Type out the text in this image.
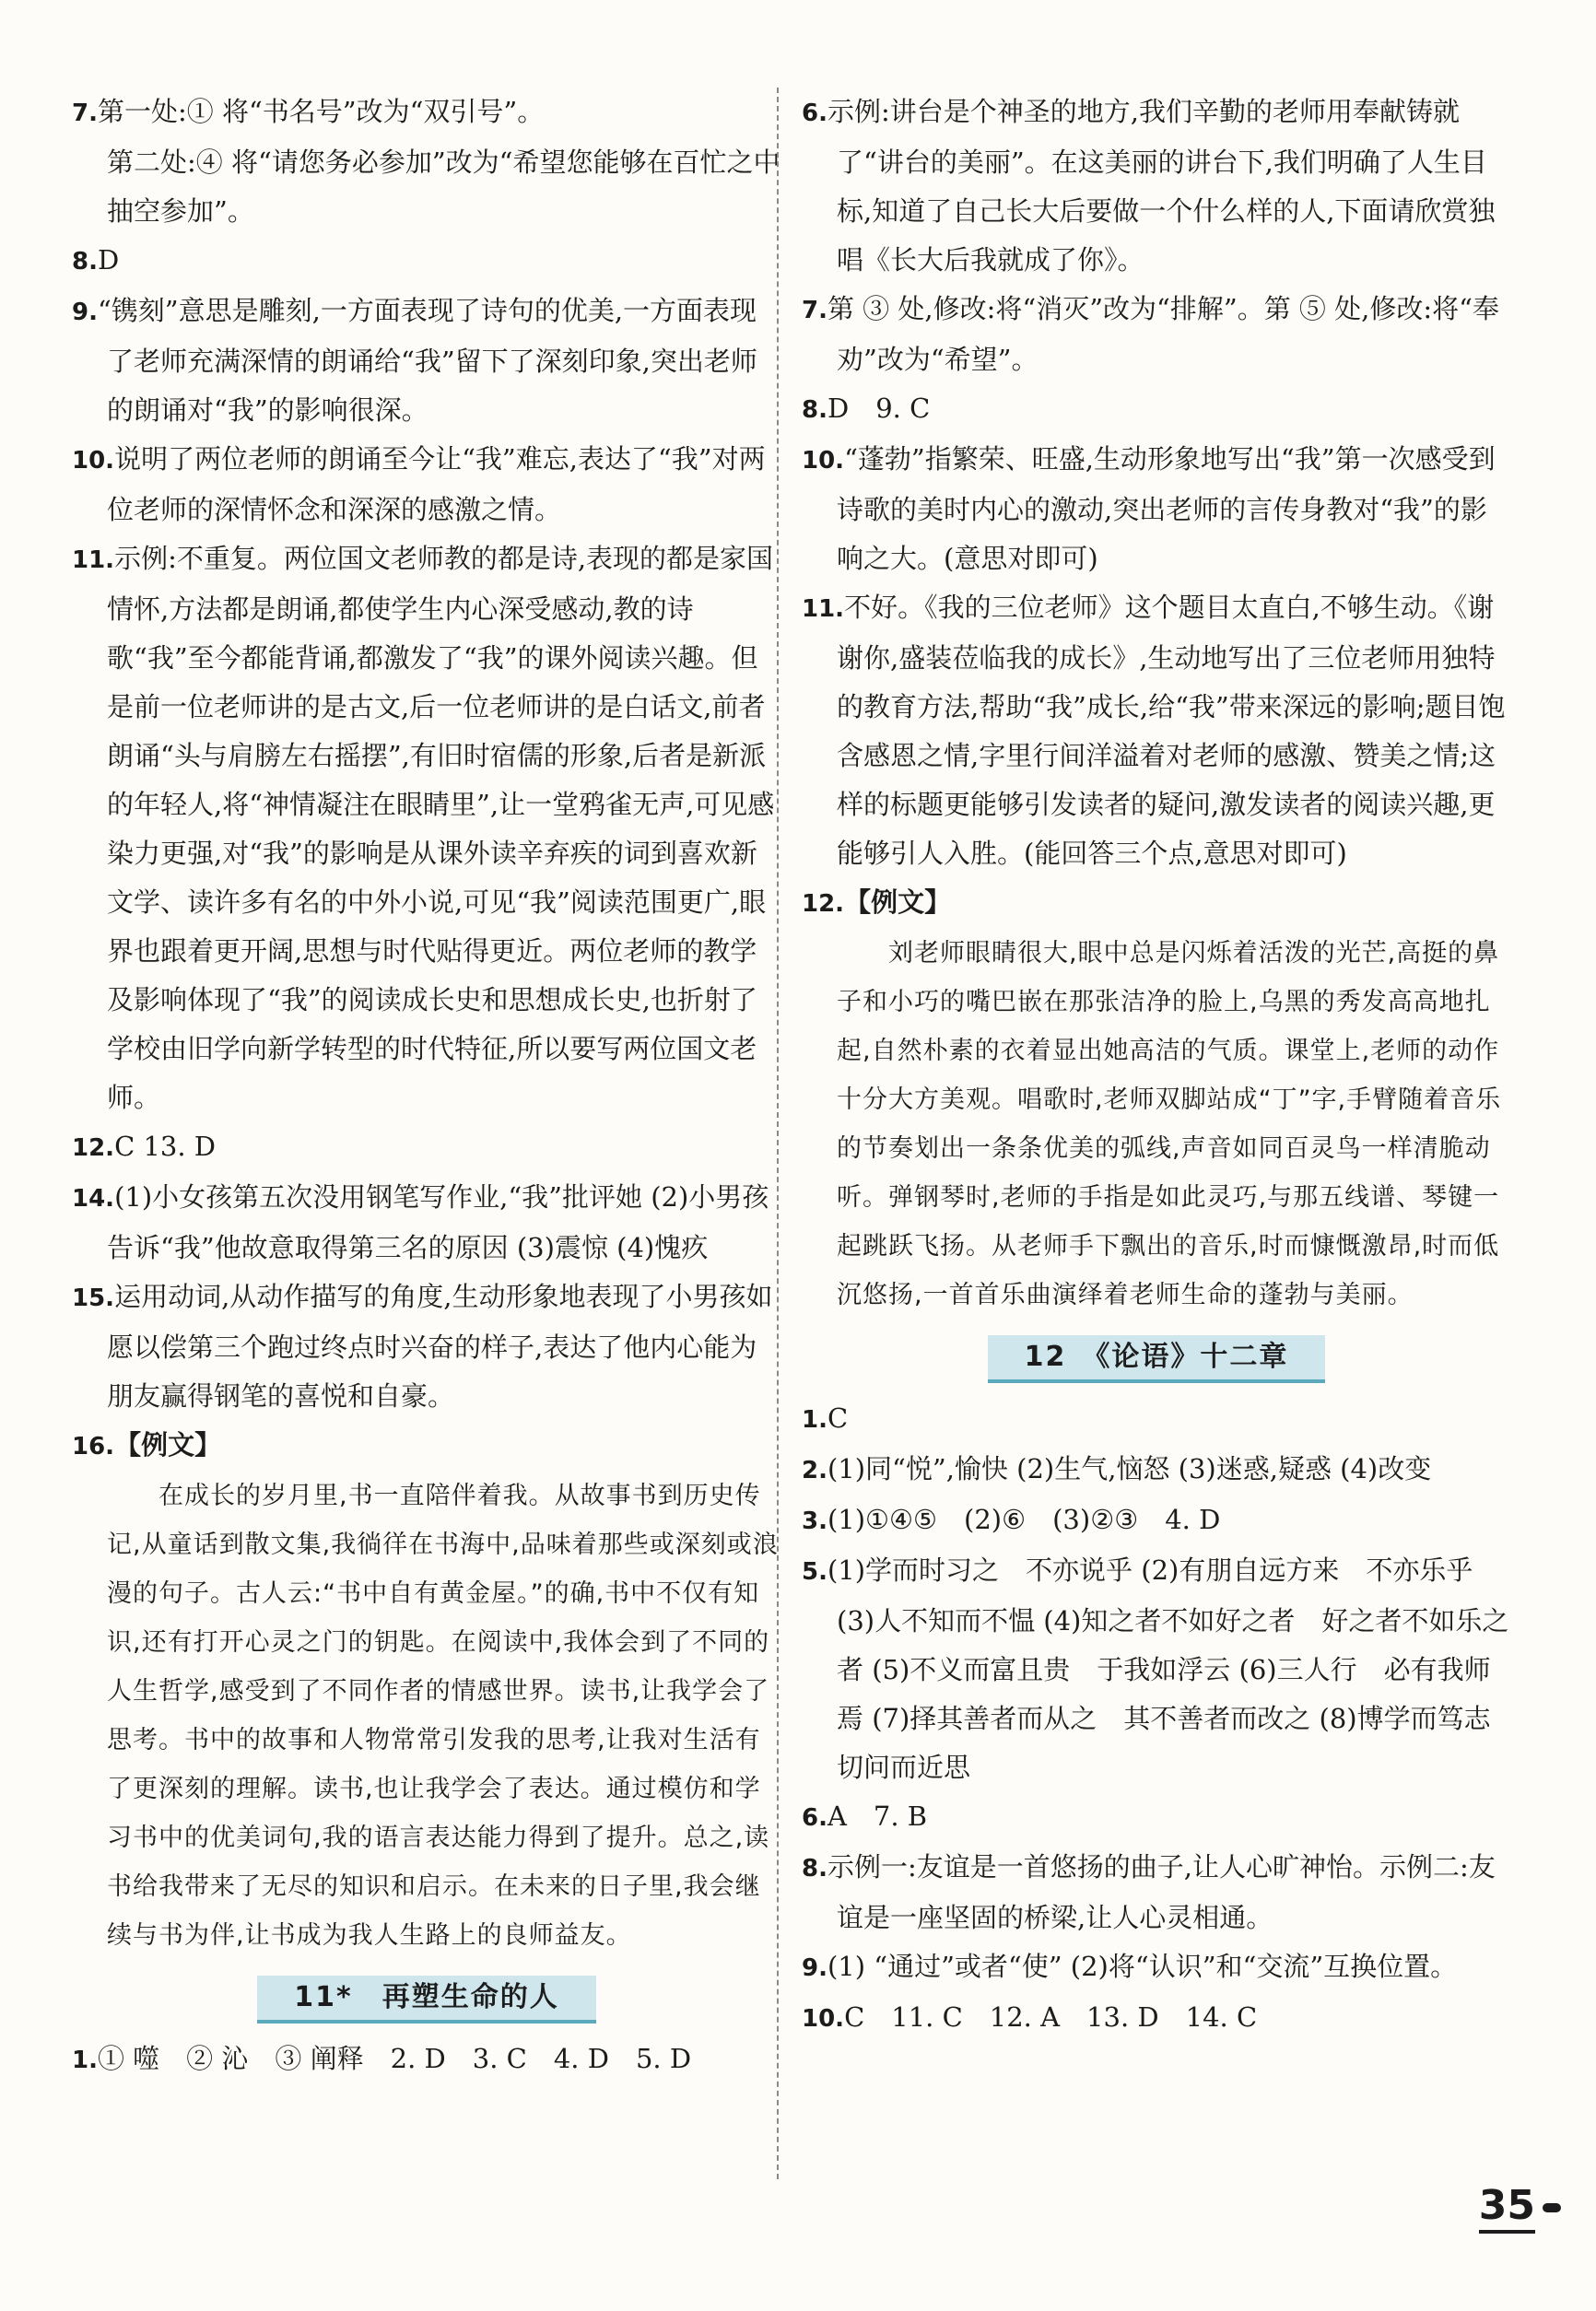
7.第一处:① 将“书名号”改为“双引号”。

第二处:④ 将“请您务必参加”改为“希望您能够在百忙之中抽空参加”。

8.D

9.“镌刻”意思是雕刻,一方面表现了诗句的优美,一方面表现了老师充满深情的朗诵给“我”留下了深刻印象,突出老师的朗诵对“我”的影响很深。

10.说明了两位老师的朗诵至今让“我”难忘,表达了“我”对两位老师的深情怀念和深深的感激之情。

11.示例:不重复。两位国文老师教的都是诗,表现的都是家国情怀,方法都是朗诵,都使学生内心深受感动,教的诗歌“我”至今都能背诵,都激发了“我”的课外阅读兴趣。但是前一位老师讲的是古文,后一位老师讲的是白话文,前者朗诵“头与肩膀左右摇摆”,有旧时宿儒的形象,后者是新派的年轻人,将“神情凝注在眼睛里”,让一堂鸦雀无声,可见感染力更强,对“我”的影响是从课外读辛弃疾的词到喜欢新文学、读许多有名的中外小说,可见“我”阅读范围更广,眼界也跟着更开阔,思想与时代贴得更近。两位老师的教学及影响体现了“我”的阅读成长史和思想成长史,也折射了学校由旧学向新学转型的时代特征,所以要写两位国文老师。

12.C 13. D

14.(1)小女孩第五次没用钢笔写作业,“我”批评她 (2)小男孩告诉“我”他故意取得第三名的原因 (3)震惊 (4)愧疚

15.运用动词,从动作描写的角度,生动形象地表现了小男孩如愿以偿第三个跑过终点时兴奋的样子,表达了他内心能为朋友赢得钢笔的喜悦和自豪。

16.【例文】

在成长的岁月里,书一直陪伴着我。从故事书到历史传记,从童话到散文集,我徜徉在书海中,品味着那些或深刻或浪漫的句子。古人云:“书中自有黄金屋。”的确,书中不仅有知识,还有打开心灵之门的钥匙。在阅读中,我体会到了不同的人生哲学,感受到了不同作者的情感世界。读书,让我学会了思考。书中的故事和人物常常引发我的思考,让我对生活有了更深刻的理解。读书,也让我学会了表达。通过模仿和学习书中的优美词句,我的语言表达能力得到了提升。总之,读书给我带来了无尽的知识和启示。在未来的日子里,我会继续与书为伴,让书成为我人生路上的良师益友。

11*　再塑生命的人

1.① 噬　② 沁　③ 阐释　2. D　3. C　4. D　5. D

6.示例:讲台是个神圣的地方,我们辛勤的老师用奉献铸就了“讲台的美丽”。在这美丽的讲台下,我们明确了人生目标,知道了自己长大后要做一个什么样的人,下面请欣赏独唱《长大后我就成了你》。

7.第 ③ 处,修改:将“消灭”改为“排解”。第 ⑤ 处,修改:将“奉劝”改为“希望”。

8.D　9. C

10.“蓬勃”指繁荣、旺盛,生动形象地写出“我”第一次感受到诗歌的美时内心的激动,突出老师的言传身教对“我”的影响之大。(意思对即可)

11.不好。《我的三位老师》这个题目太直白,不够生动。《谢谢你,盛装莅临我的成长》,生动地写出了三位老师用独特的教育方法,帮助“我”成长,给“我”带来深远的影响;题目饱含感恩之情,字里行间洋溢着对老师的感激、赞美之情;这样的标题更能够引发读者的疑问,激发读者的阅读兴趣,更能够引人入胜。(能回答三个点,意思对即可)

12.【例文】

刘老师眼睛很大,眼中总是闪烁着活泼的光芒,高挺的鼻子和小巧的嘴巴嵌在那张洁净的脸上,乌黑的秀发高高地扎起,自然朴素的衣着显出她高洁的气质。课堂上,老师的动作十分大方美观。唱歌时,老师双脚站成“丁”字,手臂随着音乐的节奏划出一条条优美的弧线,声音如同百灵鸟一样清脆动听。弹钢琴时,老师的手指是如此灵巧,与那五线谱、琴键一起跳跃飞扬。从老师手下飘出的音乐,时而慷慨激昂,时而低沉悠扬,一首首乐曲演绎着老师生命的蓬勃与美丽。

12　《论语》十二章

1.C

2.(1)同“悦”,愉快 (2)生气,恼怒 (3)迷惑,疑惑 (4)改变

3.(1)①④⑤　(2)⑥　(3)②③　4. D

5.(1)学而时习之　不亦说乎 (2)有朋自远方来　不亦乐乎 (3)人不知而不愠 (4)知之者不如好之者　好之者不如乐之者 (5)不义而富且贵　于我如浮云 (6)三人行　必有我师焉 (7)择其善者而从之　其不善者而改之 (8)博学而笃志　切问而近思

6.A　7. B

8.示例一:友谊是一首悠扬的曲子,让人心旷神怡。示例二:友谊是一座坚固的桥梁,让人心灵相通。

9.(1) “通过”或者“使” (2)将“认识”和“交流”互换位置。

10.C　11. C　12. A　13. D　14. C

35
